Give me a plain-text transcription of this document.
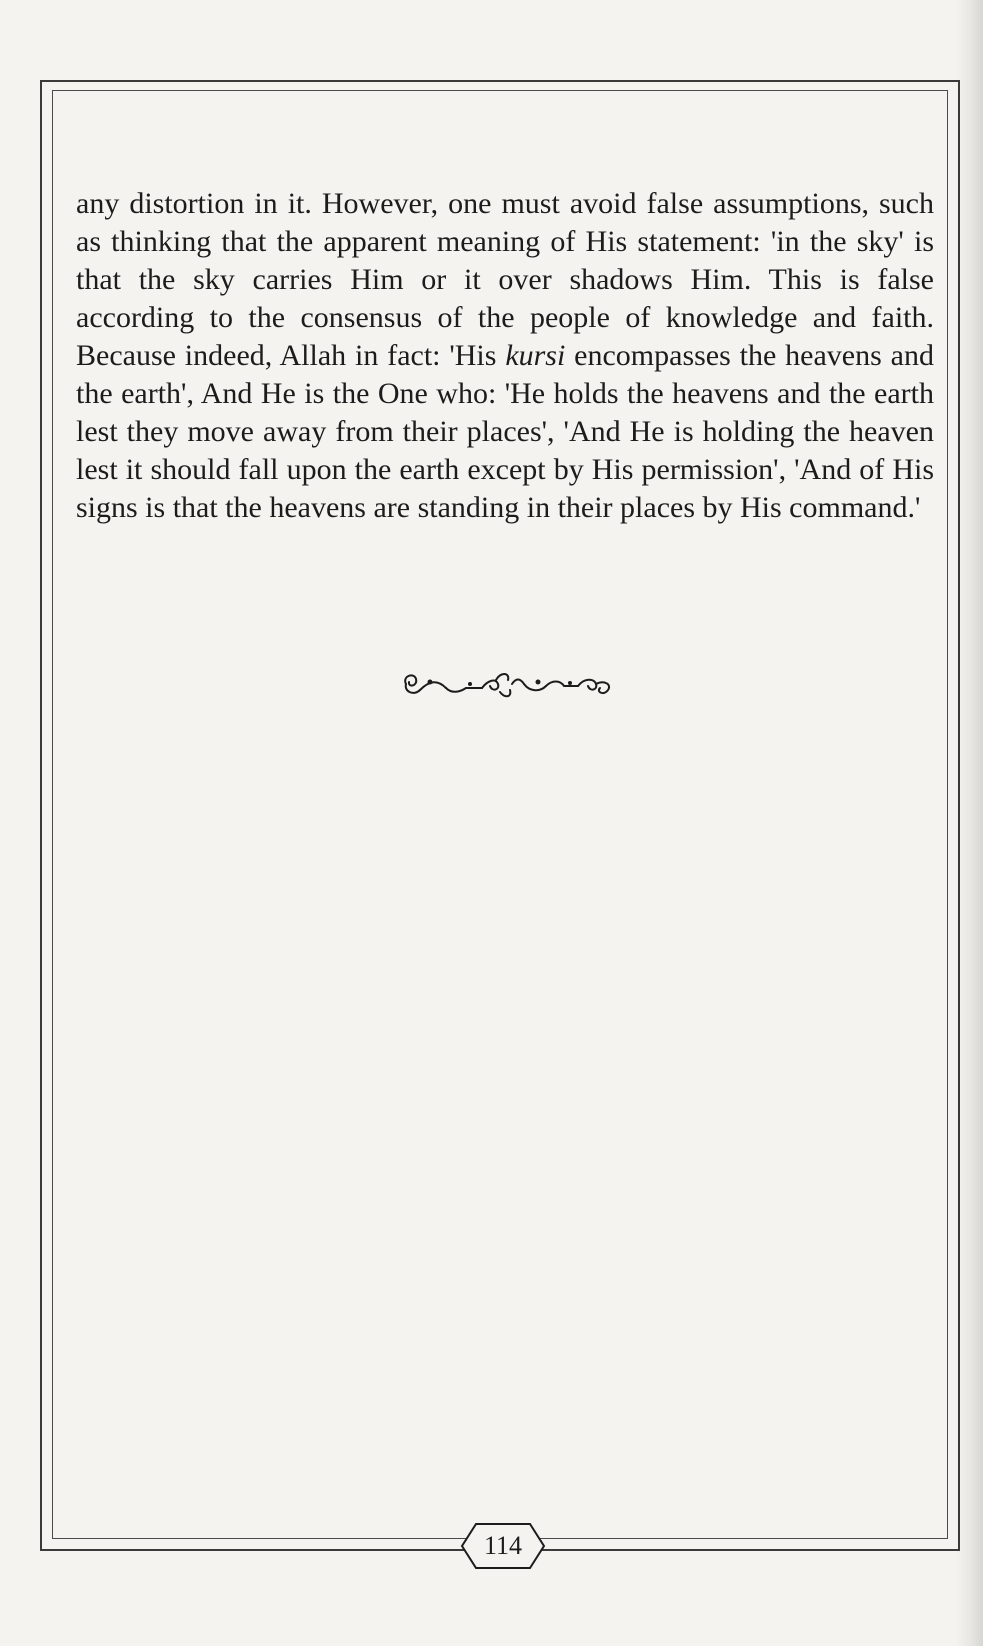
any distortion in it. However, one must avoid false assumptions, such as thinking that the apparent meaning of His statement: 'in the sky' is that the sky carries Him or it over shadows Him. This is false according to the consensus of the people of knowledge and faith. Because indeed, Allah in fact: 'His kursi encompasses the heavens and the earth', And He is the One who: 'He holds the heavens and the earth lest they move away from their places', 'And He is holding the heaven lest it should fall upon the earth except by His permission', 'And of His signs is that the heavens are standing in their places by His command.'

114
